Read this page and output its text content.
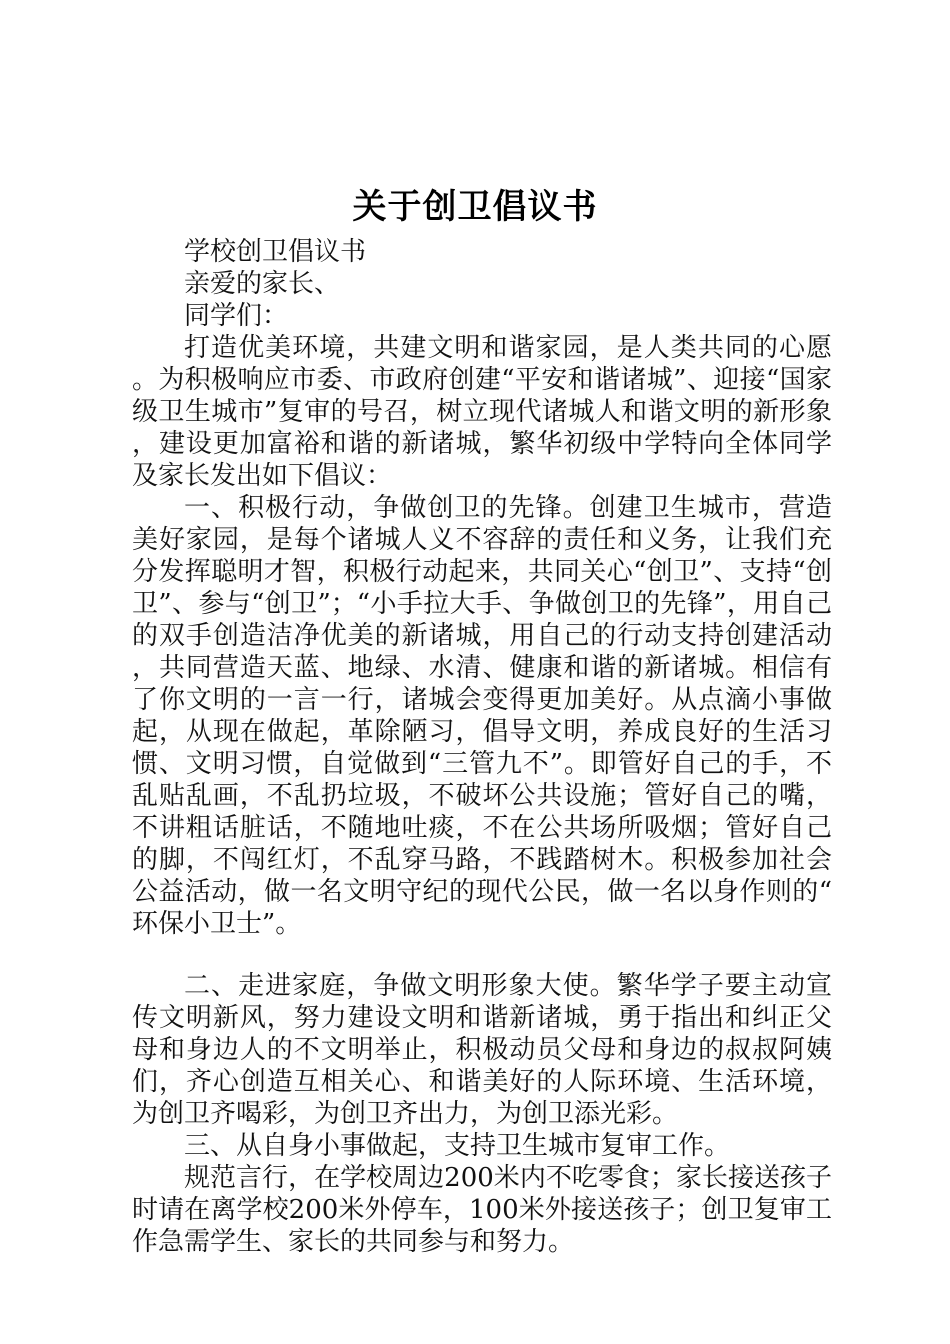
关于创卫倡议书

学校创卫倡议书

亲爱的家长、

同学们：

打造优美环境，共建文明和谐家园，是人类共同的心愿。为积极响应市委、市政府创建“平安和谐诸城”、迎接“国家级卫生城市”复审的号召，树立现代诸城人和谐文明的新形象，建设更加富裕和谐的新诸城，繁华初级中学特向全体同学及家长发出如下倡议：

一、积极行动，争做创卫的先锋。创建卫生城市，营造美好家园，是每个诸城人义不容辞的责任和义务，让我们充分发挥聪明才智，积极行动起来，共同关心“创卫”、支持“创卫”、参与“创卫”；“小手拉大手、争做创卫的先锋”，用自己的双手创造洁净优美的新诸城，用自己的行动支持创建活动，共同营造天蓝、地绿、水清、健康和谐的新诸城。相信有了你文明的一言一行，诸城会变得更加美好。从点滴小事做起，从现在做起，革除陋习，倡导文明，养成良好的生活习惯、文明习惯，自觉做到“三管九不”。即管好自己的手，不乱贴乱画，不乱扔垃圾，不破坏公共设施；管好自己的嘴，不讲粗话脏话，不随地吐痰，不在公共场所吸烟；管好自己的脚，不闯红灯，不乱穿马路，不践踏树木。积极参加社会公益活动，做一名文明守纪的现代公民，做一名以身作则的“环保小卫士”。

二、走进家庭，争做文明形象大使。繁华学子要主动宣传文明新风，努力建设文明和谐新诸城，勇于指出和纠正父母和身边人的不文明举止，积极动员父母和身边的叔叔阿姨们，齐心创造互相关心、和谐美好的人际环境、生活环境，为创卫齐喝彩，为创卫齐出力，为创卫添光彩。

三、从自身小事做起，支持卫生城市复审工作。

规范言行，在学校周边200米内不吃零食；家长接送孩子时请在离学校200米外停车，100米外接送孩子；创卫复审工作急需学生、家长的共同参与和努力。
